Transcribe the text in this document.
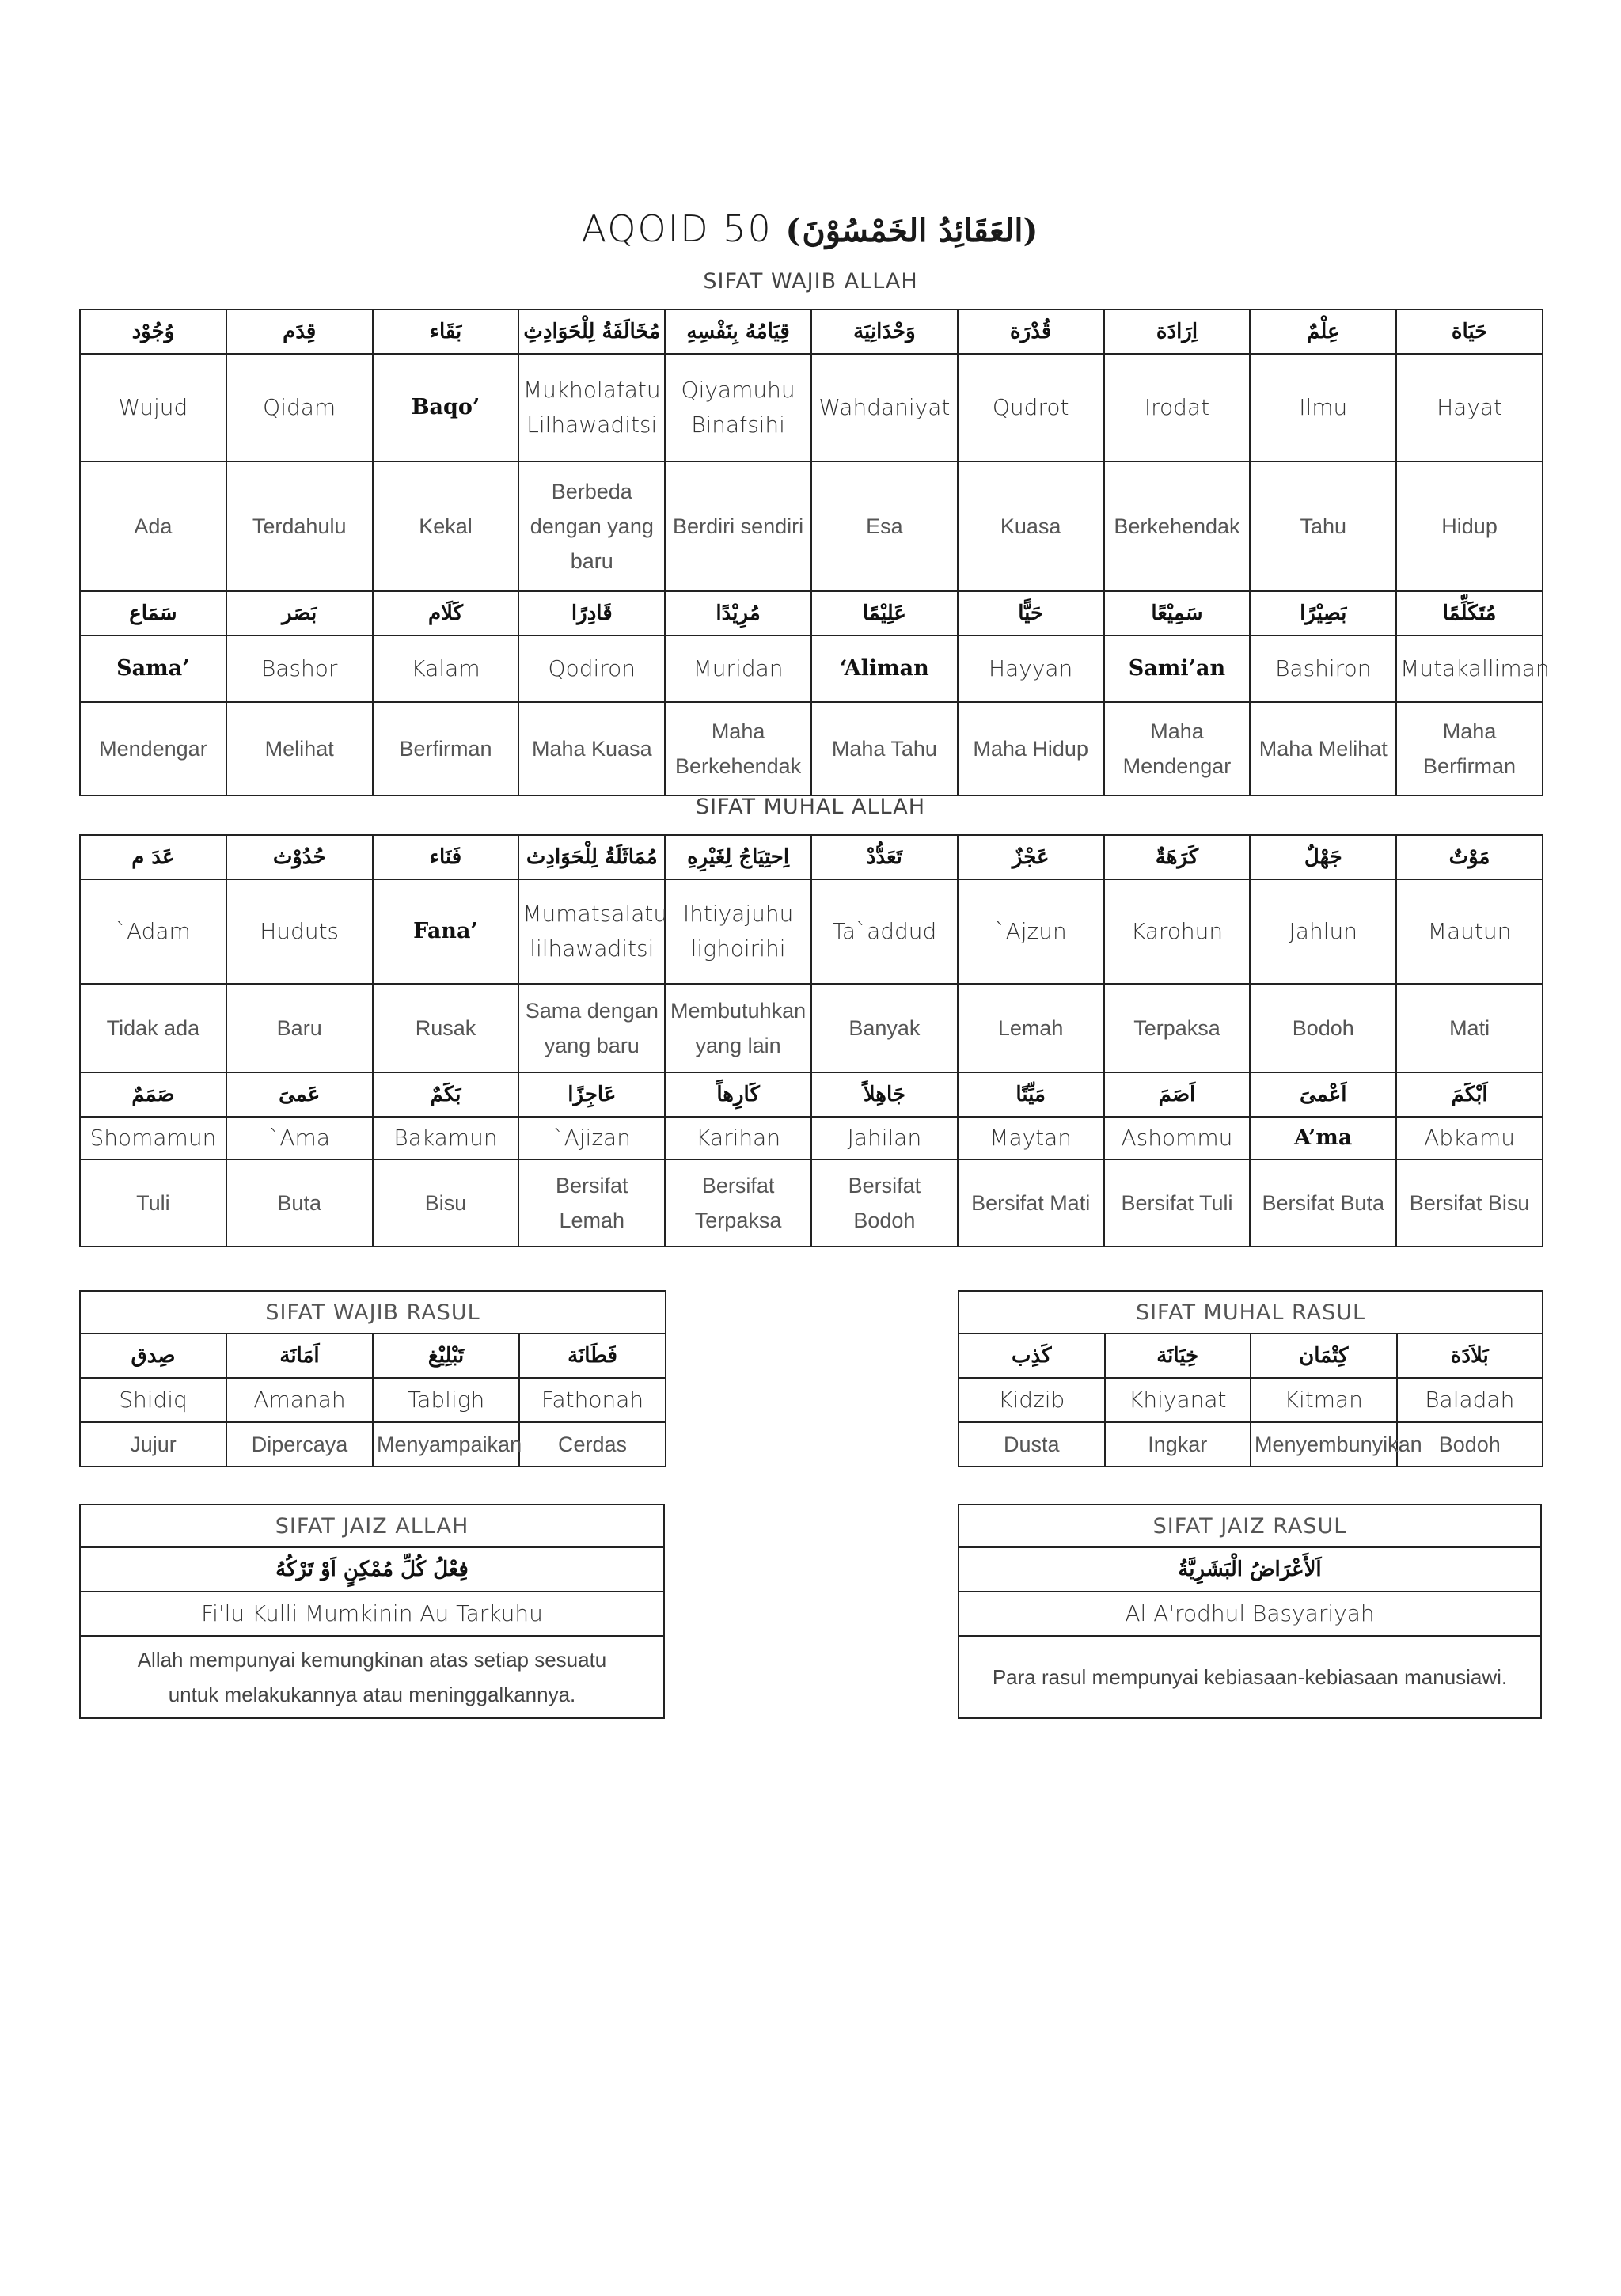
AQOID 50 (العَقَائِدُ الخَمْسُوْنَ)
SIFAT WAJIB ALLAH
وُجُوْد	قِدَم	بَقَاء	مُخَالَفَةُ لِلْحَوَادِثِ	قِيَامُهُ بِنَفْسِهِ	وَحْدَانِيَة	قُدْرَة	اِرَادَة	عِلْمٌ	حَيَاة
Wujud	Qidam	Baqo’	Mukholafatu Lilhawaditsi	Qiyamuhu Binafsihi	Wahdaniyat	Qudrot	Irodat	Ilmu	Hayat
Ada	Terdahulu	Kekal	Berbeda dengan yang baru	Berdiri sendiri	Esa	Kuasa	Berkehendak	Tahu	Hidup
سَمَاع	بَصَر	كَلَام	قَادِرًا	مُرِيْدًا	عَلِيْمًا	حَيًّا	سَمِيْعًا	بَصِيْرًا	مُتَكَلِّمًا
Sama’	Bashor	Kalam	Qodiron	Muridan	‘Aliman	Hayyan	Sami’an	Bashiron	Mutakalliman
Mendengar	Melihat	Berfirman	Maha Kuasa	Maha Berkehendak	Maha Tahu	Maha Hidup	Maha Mendengar	Maha Melihat	Maha Berfirman
SIFAT MUHAL ALLAH
عَدَ م	حُدُوْث	فَنَاء	مُمَاثَلَةُ لِلْحَوَادِث	اِحتِيَاجُ لِغَيْرِهِ	تَعَدُّدْ	عَجْزٌ	كَرَهَةٌ	جَهْلٌ	مَوْتٌ
`Adam	Huduts	Fana’	Mumatsalatu lilhawaditsi	Ihtiyajuhu lighoirihi	Ta`addud	`Ajzun	Karohun	Jahlun	Mautun
Tidak ada	Baru	Rusak	Sama dengan yang baru	Membutuhkan yang lain	Banyak	Lemah	Terpaksa	Bodoh	Mati
صَمَمٌ	عَمىَ	بَكَمٌ	عَاجِزًا	كَارِهاً	جَاهِلاً	مَيِّتًا	اَصَمَ	اَعْمىَ	اَبْكَمَ
Shomamun	`Ama	Bakamun	`Ajizan	Karihan	Jahilan	Maytan	Ashommu	A’ma	Abkamu
Tuli	Buta	Bisu	Bersifat Lemah	Bersifat Terpaksa	Bersifat Bodoh	Bersifat Mati	Bersifat Tuli	Bersifat Buta	Bersifat Bisu
SIFAT WAJIB RASUL			
صِدق	اَمَانَة	تَبْلِيْغ	فَطَانَة
Shidiq	Amanah	Tabligh	Fathonah
Jujur	Dipercaya	Menyampaikan	Cerdas
SIFAT MUHAL RASUL			
كَذِب	خِيَانَة	كِتْمَان	بَلاَدَة
Kidzib	Khiyanat	Kitman	Baladah
Dusta	Ingkar	Menyembunyikan	Bodoh
SIFAT JAIZ ALLAH
فِعْلُ كُلِّ مُمْكِنٍ اَوْ تَرْكُهُ
Fi'lu Kulli Mumkinin Au Tarkuhu
Allah mempunyai kemungkinan atas setiap sesuatu untuk melakukannya atau meninggalkannya.
SIFAT JAIZ RASUL
اَلأَعْرَاضُ الْبَشَرِيَّةُ
Al A'rodhul Basyariyah
Para rasul mempunyai kebiasaan-kebiasaan manusiawi.
